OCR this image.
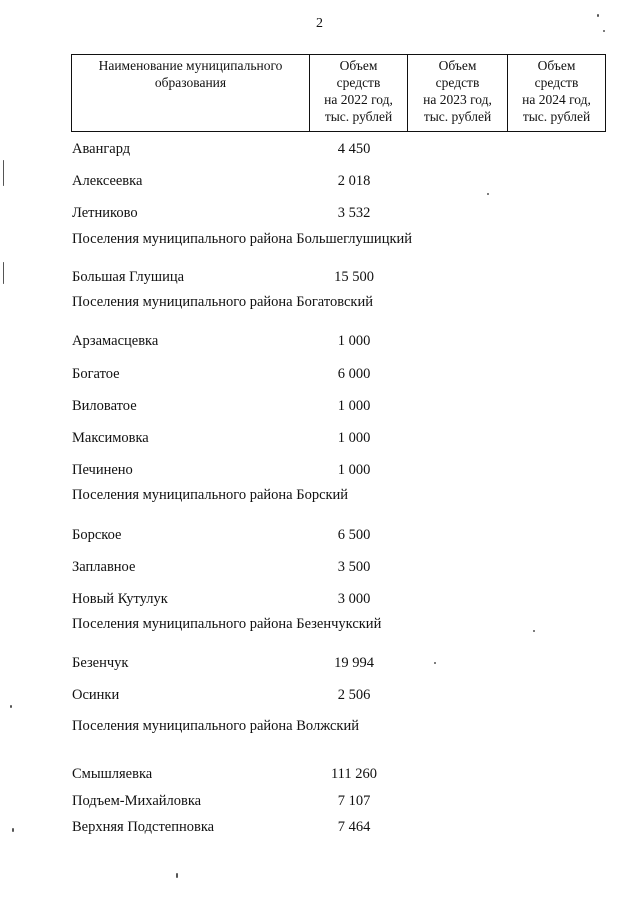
2
Наименование муниципального
образования	Объем
средств
на 2022 год,
тыс. рублей	Объем
средств
на 2023 год,
тыс. рублей	Объем
средств
на 2024 год,
тыс. рублей
Авангард	4 450
Алексеевка	2 018
Летниково	3 532
Поселения муниципального района Большеглушицкий
Большая Глушица	15 500
Поселения муниципального района Богатовский
Арзамасцевка	1 000
Богатое	6 000
Виловатое	1 000
Максимовка	1 000
Печинено	1 000
Поселения муниципального района Борский
Борское	6 500
Заплавное	3 500
Новый Кутулук	3 000
Поселения муниципального района Безенчукский
Безенчук	19 994
Осинки	2 506
Поселения муниципального района Волжский
Смышляевка	111 260
Подъем-Михайловка	7 107
Верхняя Подстепновка	7 464
